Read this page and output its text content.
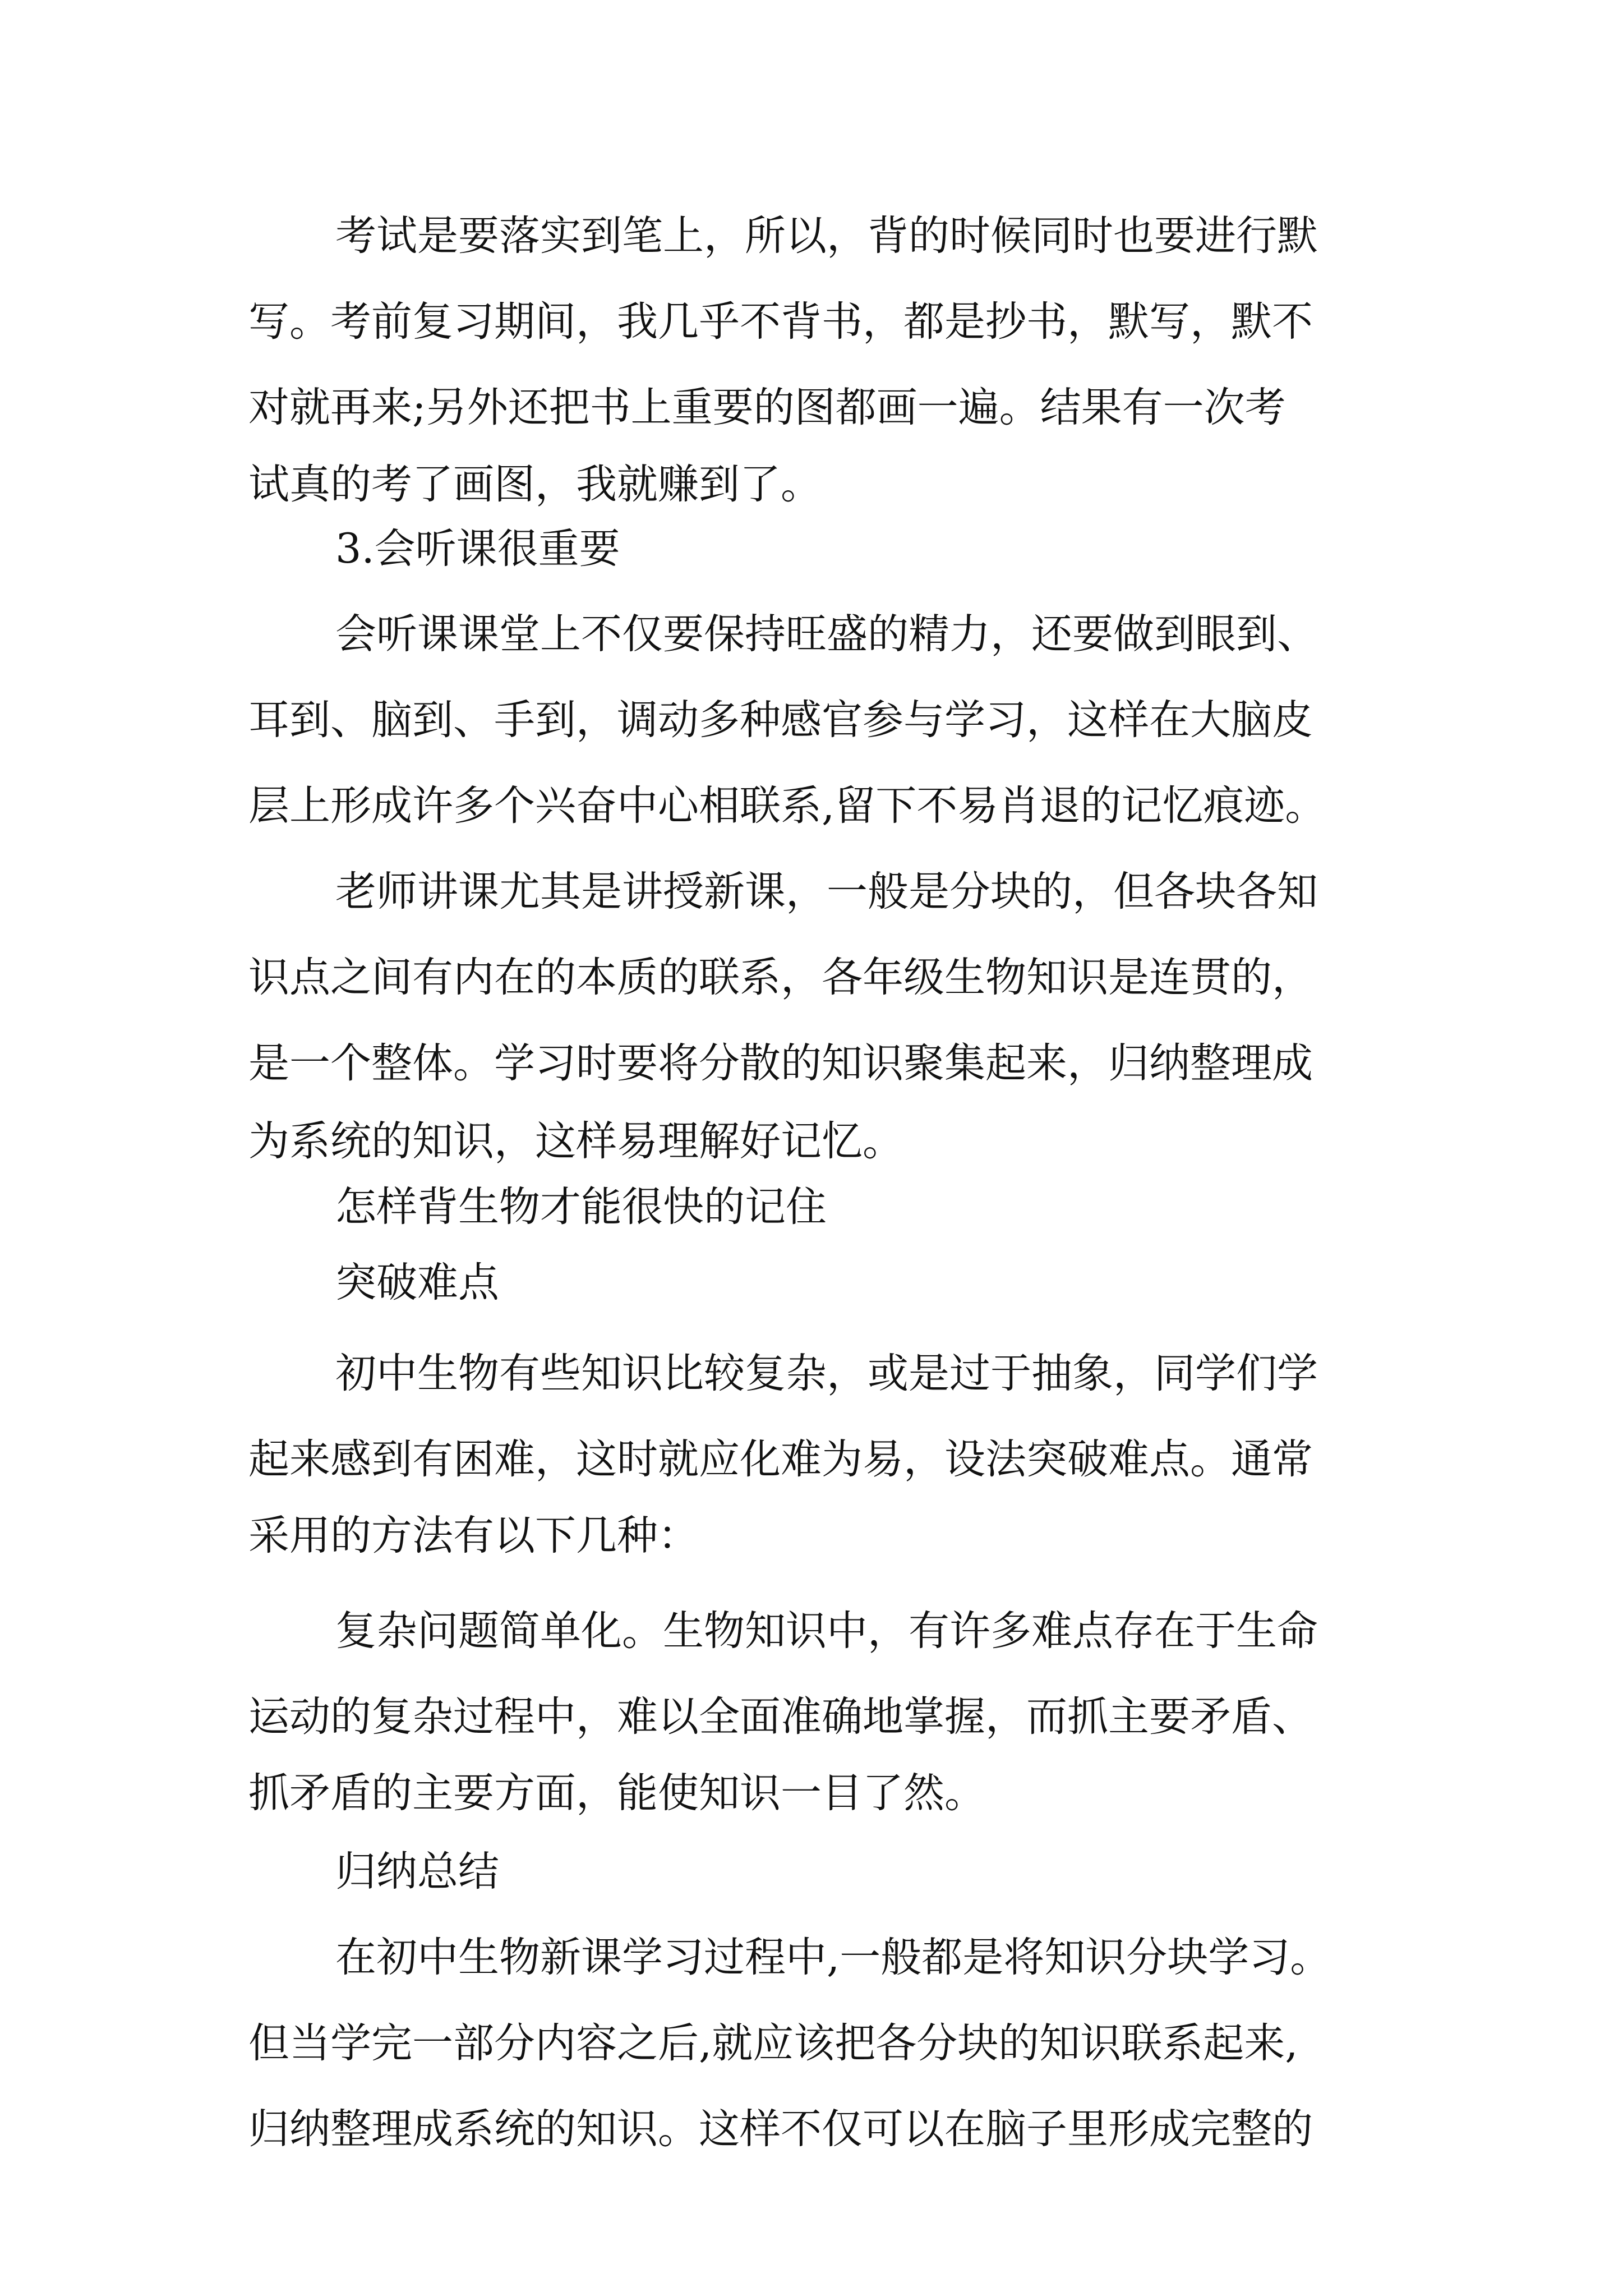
考试是要落实到笔上，所以，背的时候同时也要进行默
写。考前复习期间，我几乎不背书，都是抄书，默写，默不
对就再来;另外还把书上重要的图都画一遍。结果有一次考
试真的考了画图，我就赚到了。
3.会听课很重要
会听课课堂上不仅要保持旺盛的精力，还要做到眼到、
耳到、脑到、手到，调动多种感官参与学习，这样在大脑皮
层上形成许多个兴奋中心相联系,留下不易肖退的记忆痕迹。
老师讲课尤其是讲授新课，一般是分块的，但各块各知
识点之间有内在的本质的联系，各年级生物知识是连贯的，
是一个整体。学习时要将分散的知识聚集起来，归纳整理成
为系统的知识，这样易理解好记忆。
怎样背生物才能很快的记住
突破难点
初中生物有些知识比较复杂，或是过于抽象，同学们学
起来感到有困难，这时就应化难为易，设法突破难点。通常
采用的方法有以下几种：
复杂问题简单化。生物知识中，有许多难点存在于生命
运动的复杂过程中，难以全面准确地掌握，而抓主要矛盾、
抓矛盾的主要方面，能使知识一目了然。
归纳总结
在初中生物新课学习过程中,一般都是将知识分块学习。
但当学完一部分内容之后,就应该把各分块的知识联系起来,
归纳整理成系统的知识。这样不仅可以在脑子里形成完整的
